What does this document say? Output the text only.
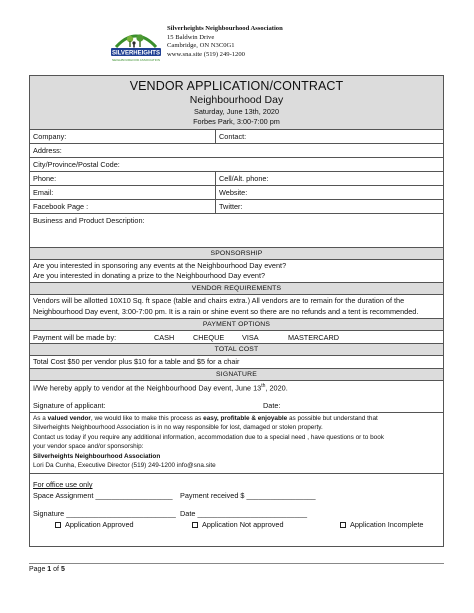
SILVERHEIGHTS
NEIGHBOURHOOD ASSOCIATION
Silverheights Neighbourhood Association
15 Baldwin Drive
Cambridge, ON N3C0G1
www.sna.site (519) 249-1200
VENDOR APPLICATION/CONTRACT
Neighbourhood Day
Saturday, June 13th, 2020
Forbes Park, 3:00-7:00 pm
Company:	Contact:
Address:
City/Province/Postal Code:
Phone:	Cell/Alt. phone:
Email:	Website:
Facebook Page :	Twitter:
Business and Product Description:
SPONSORSHIP
Are you interested in sponsoring any events at the Neighbourhood Day event?
Are you interested in donating a prize to the Neighbourhood Day event?
VENDOR REQUIREMENTS
Vendors will be allotted 10X10 Sq. ft space (table and chairs extra.) All vendors are to remain for the duration of the Neighbourhood Day event, 3:00-7:00 pm. It is a rain or shine event so there are no refunds and a tent is recommended.
PAYMENT OPTIONS
Payment will be made by:	CASH	CHEQUE VISA	MASTERCARD
TOTAL COST
Total Cost $50 per vendor plus $10 for a table and $5 for a chair
SIGNATURE
I/We hereby apply to vendor at the Neighbourhood Day event, June 13th, 2020.
Signature of applicant:	Date:
As a valued vendor, we would like to make this process as easy, profitable & enjoyable as possible but understand that
Silverheights Neighbourhood Association is in no way responsible for lost, damaged or stolen property.
Contact us today if you require any additional information, accommodation due to a special need , have questions or to book
your vendor space and/or sponsorship:
Silverheights Neighbourhood Association
Lori Da Cunha, Executive Director (519) 249-1200 info@sna.site
For office use only
Space Assignment ___________________ Payment received $ _________________
Signature ___________________________ Date ___________________________
Application Approved	Application Not approved	Application Incomplete
Page 1 of 5
